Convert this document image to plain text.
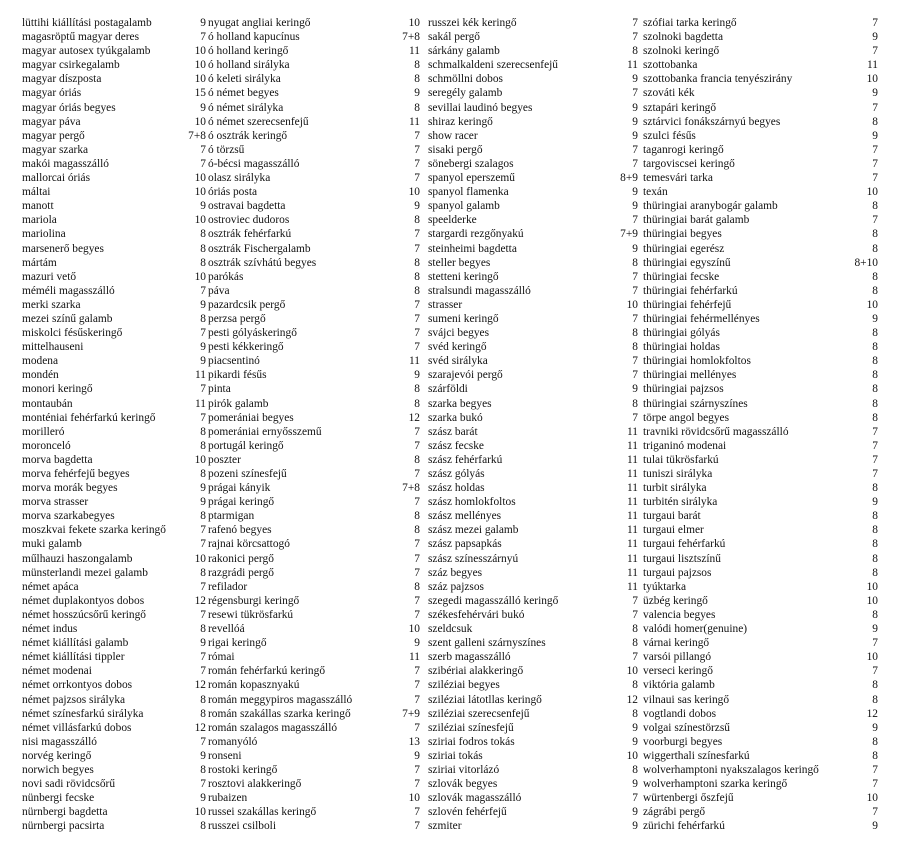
lüttihi kiállítási postagalamb	9
magasröptű magyar deres	7
magyar autosex tyúkgalamb	10
magyar csirkegalamb	10
magyar díszposta	10
magyar óriás	15
magyar óriás begyes	9
magyar páva	10
magyar pergő	7+8
magyar szarka	7
makói magasszálló	7
mallorcai óriás	10
máltai	10
manott	9
mariola	10
mariolina	8
marsenerő begyes	8
mártám	8
mazuri vető	10
méméli magasszálló	7
merki szarka	9
mezei színű galamb	8
miskolci fésűskeringő	7
mittelhauseni	9
modena	9
mondén	11
monori keringő	7
montaubán	11
monténiai fehérfarkú keringő	7
morilleró	8
moronceló	8
morva bagdetta	10
morva fehérfejű begyes	8
morva morák begyes	9
morva strasser	9
morva szarkabegyes	8
moszkvai fekete szarka keringő	7
muki galamb	7
műlhauzi haszongalamb	10
münsterlandi mezei galamb	8
német apáca	7
német duplakontyos dobos	12
német hosszúcsőrű keringő	7
német indus	8
német kiállítási galamb	9
német kiállítási tippler	7
német modenai	7
német orrkontyos dobos	12
német pajzsos sirályka	8
német színesfarkú sirályka	8
német villásfarkú dobos	12
nisi magasszálló	7
norvég keringő	9
norwich begyes	8
novi sadi rövidcsőrű	7
nünbergi fecske	9
nürnbergi bagdetta	10
nürnbergi pacsirta	8
nyugat angliai keringő	10
ó holland kapucínus	7+8
ó holland keringő	11
ó holland sirályka	8
ó keleti sirályka	8
ó német begyes	9
ó német sirályka	8
ó német szerecsenfejű	11
ó osztrák keringő	7
ó törzsű	7
ó-bécsi magasszálló	7
olasz sirályka	7
óriás posta	10
ostravai bagdetta	9
ostroviec dudoros	8
osztrák fehérfarkú	7
osztrák Fischergalamb	7
osztrák szívhátú begyes	8
parókás	8
páva	8
pazardcsik pergő	7
perzsa pergő	7
pesti gólyáskeringő	7
pesti kékkeringő	7
piacsentinó	11
pikardi fésűs	9
pinta	8
pirók galamb	8
pomerániai begyes	12
pomerániai ernyősszemű	7
portugál keringő	7
poszter	8
pozeni színesfejű	7
prágai kányik	7+8
prágai keringő	7
ptarmigan	8
rafenó begyes	8
rajnai körcsattogó	7
rakonici pergő	7
razgrádi pergő	7
refilador	8
régensburgi keringő	7
resewi tükrösfarkú	7
revellóá	10
rigai keringő	9
római	11
román fehérfarkú keringő	7
román kopasznyakú	7
román meggypiros magasszálló	7
román szakállas szarka keringő	7+9
román szalagos magasszálló	7
romanyóló	13
ronseni	9
rostoki keringő	7
rosztovi alakkeringő	7
rubaizen	10
russei szakállas keringő	7
russzei csilboli	7
russzei kék keringő	7
sakál pergő	7
sárkány galamb	8
schmalkaldeni szerecsenfejű	11
schmöllni dobos	9
seregély galamb	7
sevillai laudinó begyes	9
shiraz keringő	9
show racer	9
sisaki pergő	7
sönebergi szalagos	7
spanyol eperszemű	8+9
spanyol flamenka	9
spanyol galamb	9
speelderke	7
stargardi rezgőnyakú	7+9
steinheimi bagdetta	9
steller begyes	8
stetteni keringő	7
stralsundi magasszálló	7
strasser	10
sumeni keringő	7
svájci begyes	8
svéd keringő	8
svéd sirályka	7
szarajevói pergő	7
szárföldi	9
szarka begyes	8
szarka bukó	7
szász barát	11
szász fecske	11
szász fehérfarkú	11
szász gólyás	11
szász holdas	11
szász homlokfoltos	11
szász mellényes	11
szász mezei galamb	11
szász papsapkás	11
szász színesszárnyú	11
száz begyes	11
száz pajzsos	11
szegedi magasszálló keringő	7
székesfehérvári bukó	7
szeldcsuk	8
szent galleni szárnyszínes	8
szerb magasszálló	7
szibériai alakkeringő	10
sziléziai begyes	8
sziléziai látotllas keringő	12
sziléziai szerecsenfejű	8
sziléziai színesfejű	9
sziriai fodros tokás	9
sziriai tokás	10
sziriai vitorlázó	8
szlovák begyes	9
szlovák magasszálló	7
szlovén fehérfejű	9
szmiter	9
szófiai tarka keringő	7
szolnoki bagdetta	9
szolnoki keringő	7
szottobanka	11
szottobanka francia tenyészirány	10
szováti kék	9
sztapári keringő	7
sztárvici fonákszárnyú begyes	8
szulci fésűs	9
taganrogi keringő	7
targoviscsei keringő	7
temesvári tarka	7
texán	10
thüringiai aranybogár galamb	8
thüringiai barát galamb	7
thüringiai begyes	8
thüringiai egerész	8
thüringiai egyszínű	8+10
thüringiai fecske	8
thüringiai fehérfarkú	8
thüringiai fehérfejű	10
thüringiai fehérmellényes	9
thüringiai gólyás	8
thüringiai holdas	8
thüringiai homlokfoltos	8
thüringiai mellényes	8
thüringiai pajzsos	8
thüringiai szárnyszínes	8
törpe angol begyes	8
travniki rövidcsőrű magasszálló	7
triganinó modenai	7
tulai tükrösfarkú	7
tuniszi sirályka	7
turbit sirályka	8
turbitén sirályka	9
turgaui barát	8
turgaui elmer	8
turgaui fehérfarkú	8
turgaui lisztszínű	8
turgaui pajzsos	8
tyúktarka	10
üzbég keringő	10
valencia begyes	8
valódi homer(genuine)	9
várnai keringő	7
varsói pillangó	10
verseci keringő	7
viktória galamb	8
vilnaui sas keringő	8
vogtlandi dobos	12
volgai színestörzsű	9
voorburgi begyes	8
wiggerthali színesfarkú	8
wolverhamptoni nyakszalagos keringő	7
wolverhamptoni szarka keringő	7
würtenbergi őszfejű	10
zágrábi pergő	7
zürichi fehérfarkú	9
